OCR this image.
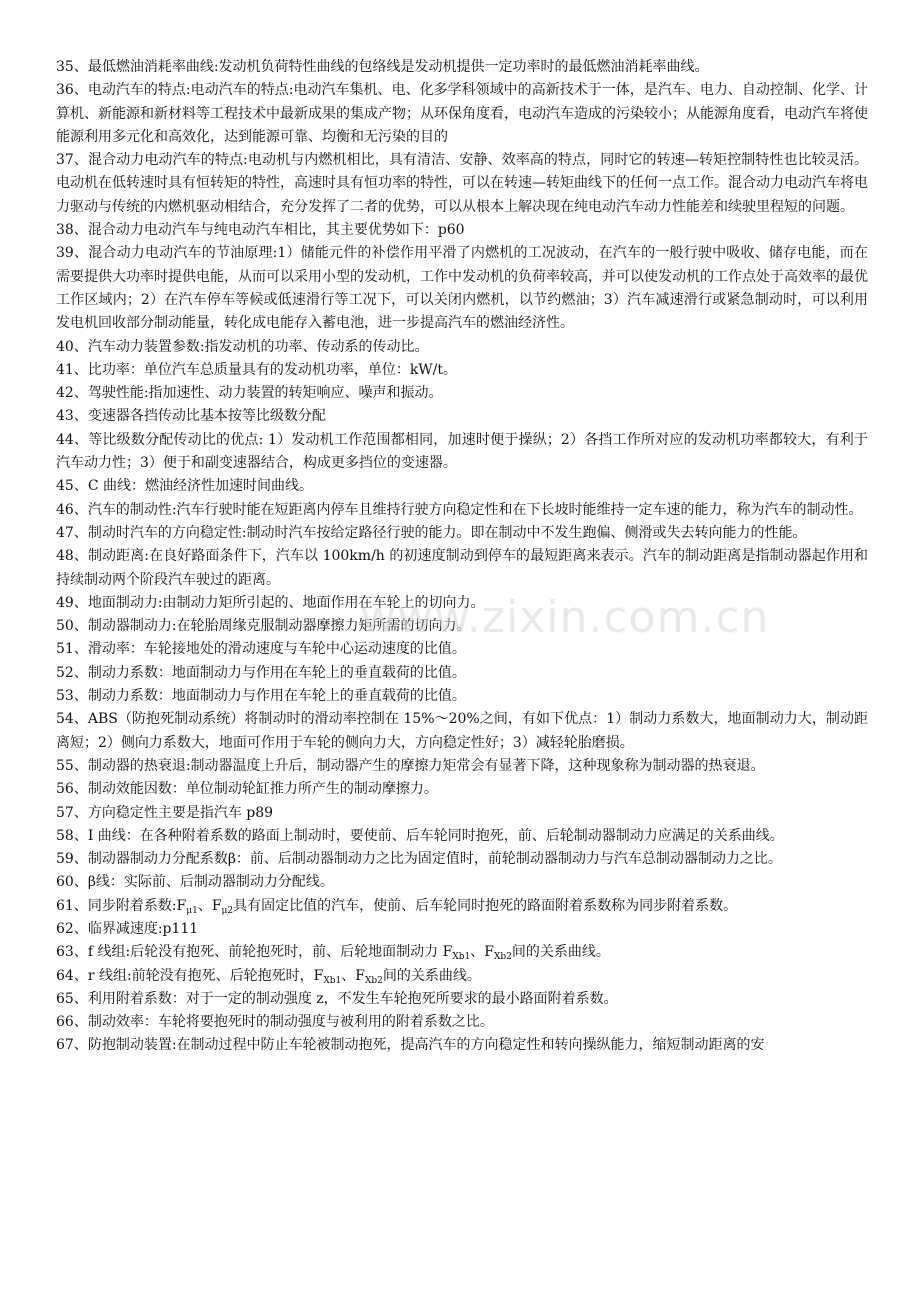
35、最低燃油消耗率曲线:发动机负荷特性曲线的包络线是发动机提供一定功率时的最低燃油消耗率曲线。

36、电动汽车的特点:电动汽车的特点:电动汽车集机、电、化多学科领域中的高新技术于一体，是汽车、电力、自动控制、化学、计算机、新能源和新材料等工程技术中最新成果的集成产物；从环保角度看，电动汽车造成的污染较小；从能源角度看，电动汽车将使能源利用多元化和高效化，达到能源可靠、均衡和无污染的目的

37、混合动力电动汽车的特点:电动机与内燃机相比，具有清洁、安静、效率高的特点，同时它的转速—转矩控制特性也比较灵活。电动机在低转速时具有恒转矩的特性，高速时具有恒功率的特性，可以在转速—转矩曲线下的任何一点工作。混合动力电动汽车将电力驱动与传统的内燃机驱动相结合，充分发挥了二者的优势，可以从根本上解决现在纯电动汽车动力性能差和续驶里程短的问题。

38、混合动力电动汽车与纯电动汽车相比，其主要优势如下：p60

39、混合动力电动汽车的节油原理:1）储能元件的补偿作用平滑了内燃机的工况波动，在汽车的一般行驶中吸收、储存电能，而在需要提供大功率时提供电能，从而可以采用小型的发动机，工作中发动机的负荷率较高，并可以使发动机的工作点处于高效率的最优工作区域内；2）在汽车停车等候或低速滑行等工况下，可以关闭内燃机，以节约燃油；3）汽车减速滑行或紧急制动时，可以利用发电机回收部分制动能量，转化成电能存入蓄电池，进一步提高汽车的燃油经济性。

40、汽车动力装置参数:指发动机的功率、传动系的传动比。

41、比功率：单位汽车总质量具有的发动机功率，单位：kW/t。

42、驾驶性能:指加速性、动力装置的转矩响应、噪声和振动。

43、变速器各挡传动比基本按等比级数分配

44、等比级数分配传动比的优点: 1）发动机工作范围都相同，加速时便于操纵；2）各挡工作所对应的发动机功率都较大，有利于汽车动力性；3）便于和副变速器结合，构成更多挡位的变速器。

45、C 曲线：燃油经济性加速时间曲线。

46、汽车的制动性:汽车行驶时能在短距离内停车且维持行驶方向稳定性和在下长坡时能维持一定车速的能力，称为汽车的制动性。

47、制动时汽车的方向稳定性:制动时汽车按给定路径行驶的能力。即在制动中不发生跑偏、侧滑或失去转向能力的性能。

48、制动距离:在良好路面条件下，汽车以 100km/h 的初速度制动到停车的最短距离来表示。汽车的制动距离是指制动器起作用和持续制动两个阶段汽车驶过的距离。

49、地面制动力:由制动力矩所引起的、地面作用在车轮上的切向力。

50、制动器制动力:在轮胎周缘克服制动器摩擦力矩所需的切向力。

51、滑动率：车轮接地处的滑动速度与车轮中心运动速度的比值。

52、制动力系数：地面制动力与作用在车轮上的垂直载荷的比值。

53、制动力系数：地面制动力与作用在车轮上的垂直载荷的比值。

54、ABS（防抱死制动系统）将制动时的滑动率控制在 15%～20%之间，有如下优点：1）制动力系数大，地面制动力大，制动距离短；2）侧向力系数大，地面可作用于车轮的侧向力大，方向稳定性好；3）减轻轮胎磨损。

55、制动器的热衰退:制动器温度上升后，制动器产生的摩擦力矩常会有显著下降，这种现象称为制动器的热衰退。

56、制动效能因数：单位制动轮缸推力所产生的制动摩擦力。

57、方向稳定性主要是指汽车 p89

58、I 曲线：在各种附着系数的路面上制动时，要使前、后车轮同时抱死，前、后轮制动器制动力应满足的关系曲线。

59、制动器制动力分配系数β：前、后制动器制动力之比为固定值时，前轮制动器制动力与汽车总制动器制动力之比。

60、β线：实际前、后制动器制动力分配线。

61、同步附着系数$:F_{\mu 1}$、$F_{\mu 2}$具有固定比值的汽车，使前、后车轮同时抱死的路面附着系数称为同步附着系数。

62、临界减速度:p111

63、f 线组:后轮没有抱死、前轮抱死时，前、后轮地面制动力 $F_{Xb1}$、$F_{Xb2}$间的关系曲线。

64、r 线组:前轮没有抱死、后轮抱死时，$F_{Xb1}$、$F_{Xb2}$间的关系曲线。

65、利用附着系数：对于一定的制动强度 z，不发生车轮抱死所要求的最小路面附着系数。

66、制动效率：车轮将要抱死时的制动强度与被利用的附着系数之比。

67、防抱制动装置:在制动过程中防止车轮被制动抱死，提高汽车的方向稳定性和转向操纵能力，缩短制动距离的安

www.zixin.com.cn
